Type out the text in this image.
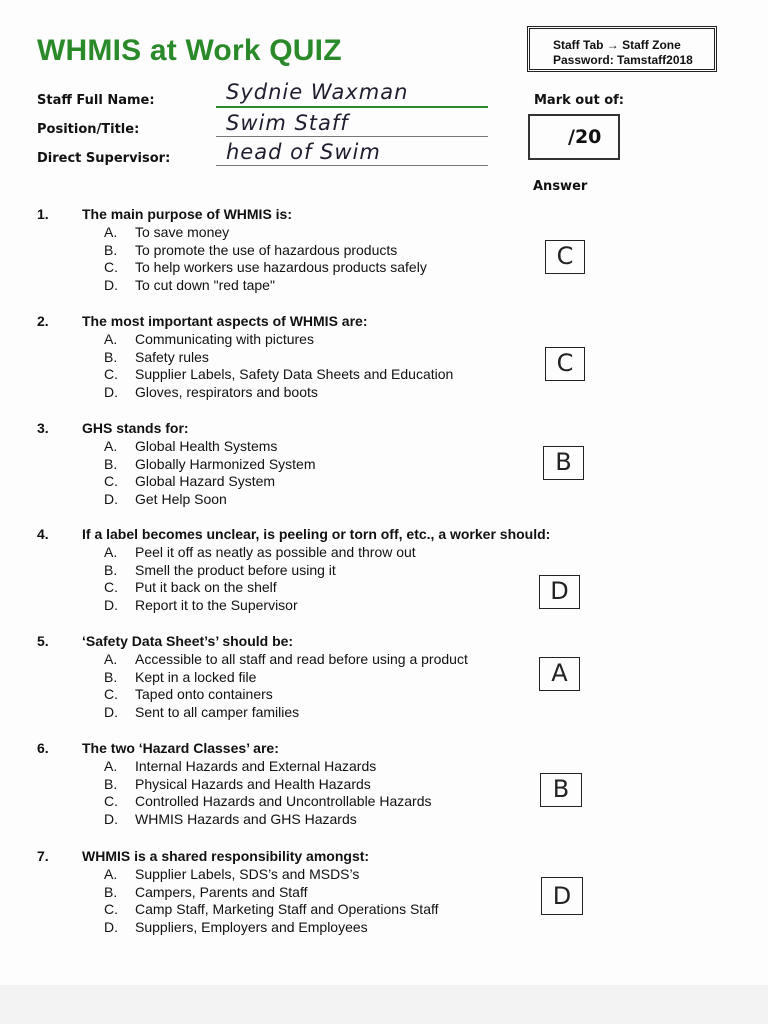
WHMIS at Work QUIZ	Staff Tab → Staff Zone
Password: Tamstaff2018
Staff Full Name:	Sydnie Waxman
Position/Title:	Swim Staff
Direct Supervisor:	head of Swim
Mark out of:
/20
Answer
1. The main purpose of WHMIS is:
A. To save money
B. To promote the use of hazardous products
C. To help workers use hazardous products safely
D. To cut down "red tape"
C
2. The most important aspects of WHMIS are:
A. Communicating with pictures
B. Safety rules
C. Supplier Labels, Safety Data Sheets and Education
D. Gloves, respirators and boots
C
3. GHS stands for:
A. Global Health Systems
B. Globally Harmonized System
C. Global Hazard System
D. Get Help Soon
B
4. If a label becomes unclear, is peeling or torn off, etc., a worker should:
A. Peel it off as neatly as possible and throw out
B. Smell the product before using it
C. Put it back on the shelf
D. Report it to the Supervisor
D
5. ‘Safety Data Sheet’s’ should be:
A. Accessible to all staff and read before using a product
B. Kept in a locked file
C. Taped onto containers
D. Sent to all camper families
A
6. The two ‘Hazard Classes’ are:
A. Internal Hazards and External Hazards
B. Physical Hazards and Health Hazards
C. Controlled Hazards and Uncontrollable Hazards
D. WHMIS Hazards and GHS Hazards
B
7. WHMIS is a shared responsibility amongst:
A. Supplier Labels, SDS’s and MSDS’s
B. Campers, Parents and Staff
C. Camp Staff, Marketing Staff and Operations Staff
D. Suppliers, Employers and Employees
D
